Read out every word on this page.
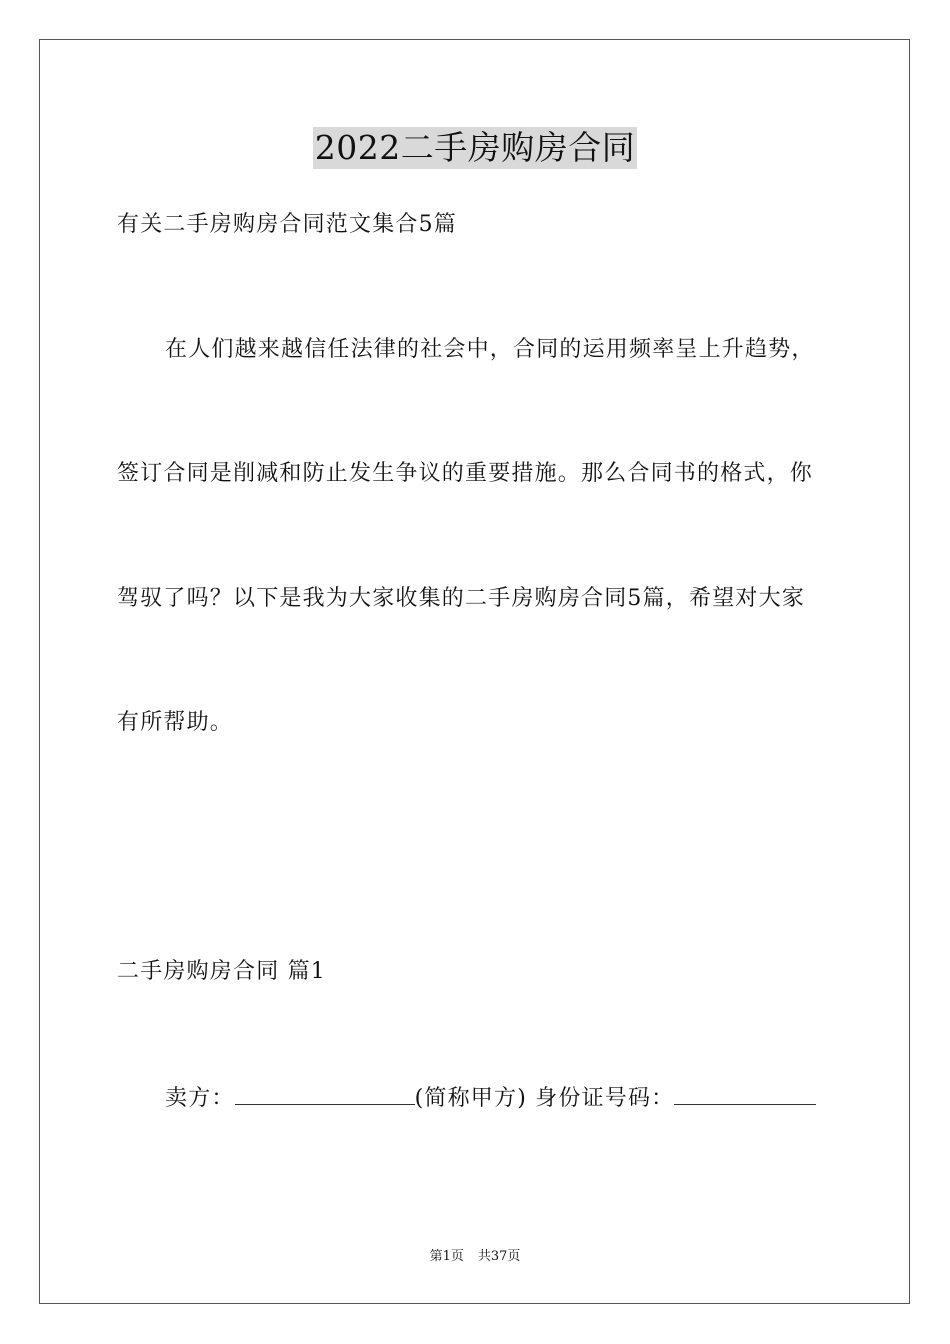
2022二手房购房合同
有关二手房购房合同范文集合5篇
在人们越来越信任法律的社会中，合同的运用频率呈上升趋势，
签订合同是削减和防止发生争议的重要措施。那么合同书的格式，你
驾驭了吗？以下是我为大家收集的二手房购房合同5篇，希望对大家
有所帮助。
二手房购房合同 篇1
卖方：	(简称甲方) 身份证号码：
第1页 共37页
